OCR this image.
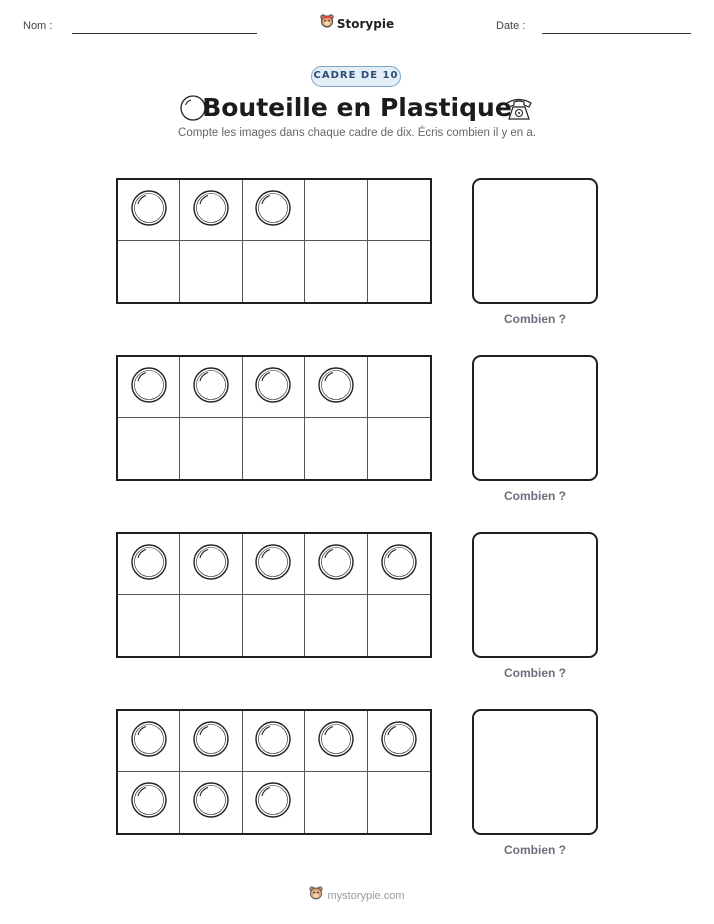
Nom :	Date :
Storypie
CADRE DE 10
Bouteille en Plastique
Compte les images dans chaque cadre de dix. Écris combien il y en a.
Combien ?
Combien ?
Combien ?
Combien ?
mystorypie.com
